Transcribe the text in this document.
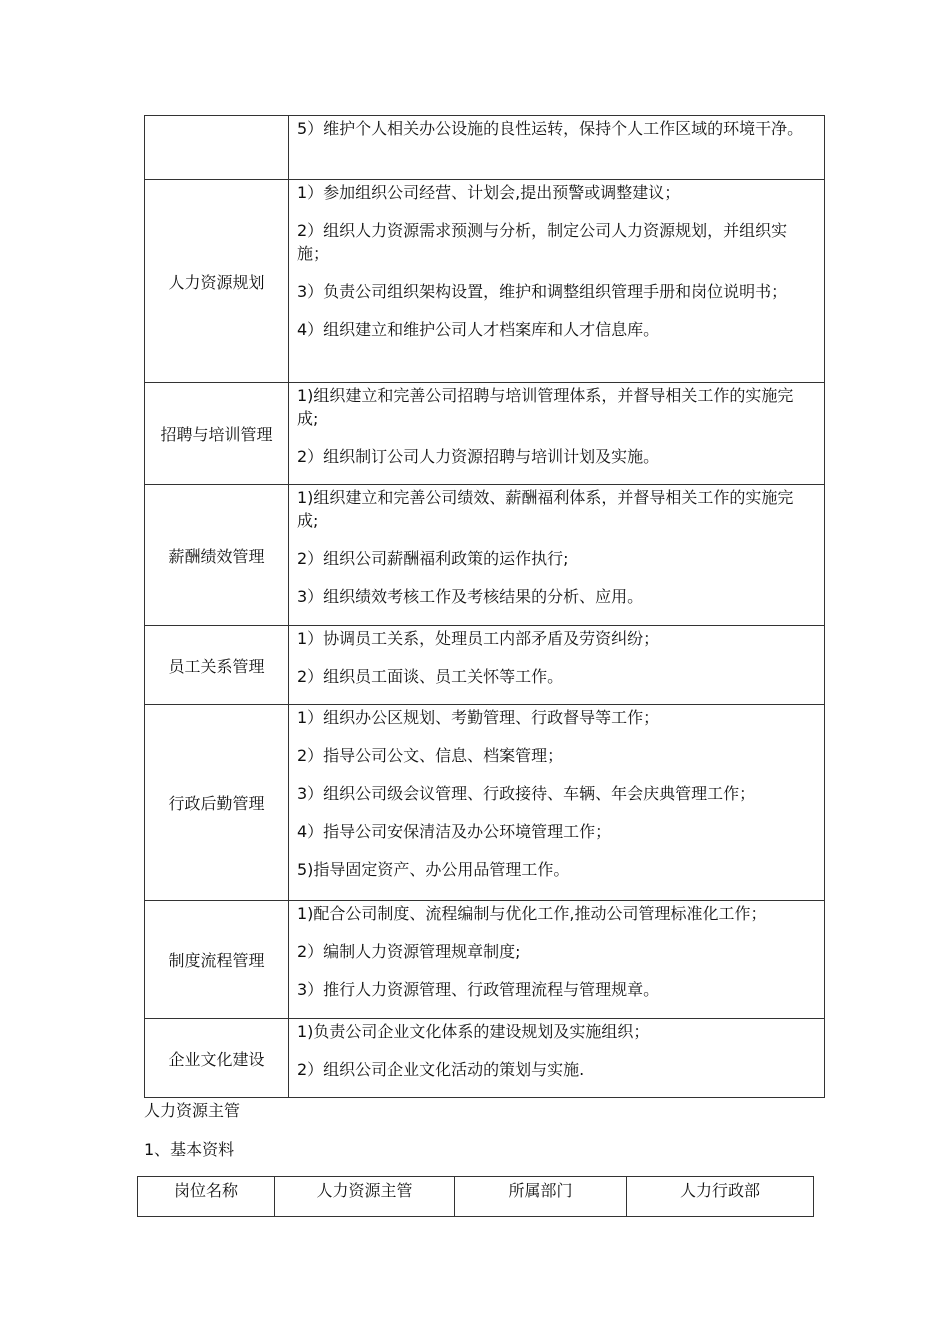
	5）维护个人相关办公设施的良性运转，保持个人工作区域的环境干净。

人力资源规划	1）参加组织公司经营、计划会,提出预警或调整建议；

2）组织人力资源需求预测与分析，制定公司人力资源规划，并组织实施；

3）负责公司组织架构设置，维护和调整组织管理手册和岗位说明书；

4）组织建立和维护公司人才档案库和人才信息库。

招聘与培训管理	1)组织建立和完善公司招聘与培训管理体系，并督导相关工作的实施完成;

2）组织制订公司人力资源招聘与培训计划及实施。

薪酬绩效管理	1)组织建立和完善公司绩效、薪酬福利体系，并督导相关工作的实施完成;

2）组织公司薪酬福利政策的运作执行;

3）组织绩效考核工作及考核结果的分析、应用。

员工关系管理	1）协调员工关系，处理员工内部矛盾及劳资纠纷；

2）组织员工面谈、员工关怀等工作。

行政后勤管理	1）组织办公区规划、考勤管理、行政督导等工作；

2）指导公司公文、信息、档案管理；

3）组织公司级会议管理、行政接待、车辆、年会庆典管理工作；

4）指导公司安保清洁及办公环境管理工作；

5)指导固定资产、办公用品管理工作。

制度流程管理	1)配合公司制度、流程编制与优化工作,推动公司管理标准化工作；

2）编制人力资源管理规章制度;

3）推行人力资源管理、行政管理流程与管理规章。

企业文化建设	1)负责公司企业文化体系的建设规划及实施组织；

2）组织公司企业文化活动的策划与实施.

人力资源主管
1、基本资料
岗位名称	人力资源主管	所属部门	人力行政部
